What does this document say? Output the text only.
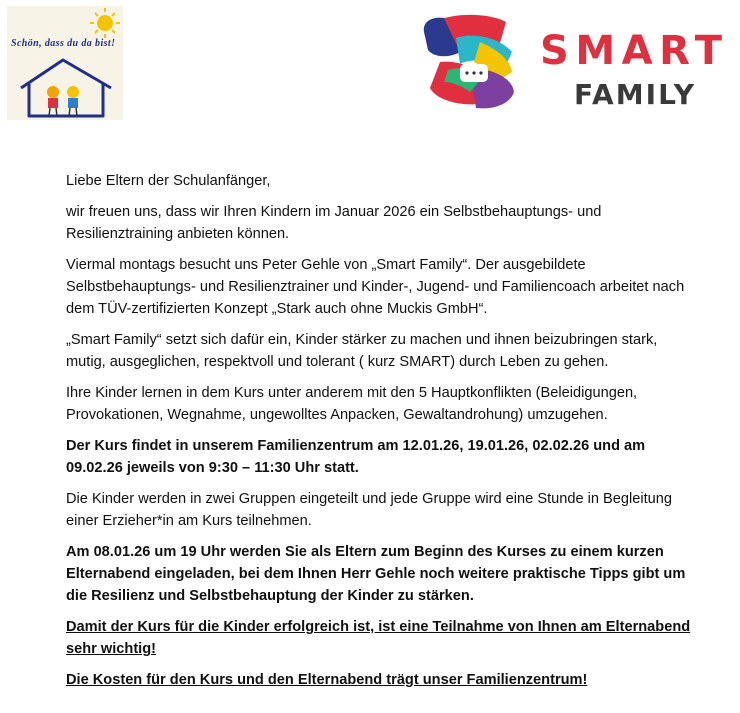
Schön, dass du da bist!	SMART
FAMILY

Liebe Eltern der Schulanfänger,

wir freuen uns, dass wir Ihren Kindern im Januar 2026 ein Selbstbehauptungs- und Resilienztraining anbieten können.

Viermal montags besucht uns Peter Gehle von „Smart Family“. Der ausgebildete Selbstbehauptungs- und Resilienztrainer und Kinder-, Jugend- und Familiencoach arbeitet nach dem TÜV-zertifizierten Konzept „Stark auch ohne Muckis GmbH“.

„Smart Family“ setzt sich dafür ein, Kinder stärker zu machen und ihnen beizubringen stark, mutig, ausgeglichen, respektvoll und tolerant ( kurz SMART) durch Leben zu gehen.

Ihre Kinder lernen in dem Kurs unter anderem mit den 5 Hauptkonflikten (Beleidigungen, Provokationen, Wegnahme, ungewolltes Anpacken, Gewaltandrohung) umzugehen.

Der Kurs findet in unserem Familienzentrum am 12.01.26, 19.01.26, 02.02.26 und am 09.02.26 jeweils von 9:30 – 11:30 Uhr statt.

Die Kinder werden in zwei Gruppen eingeteilt und jede Gruppe wird eine Stunde in Begleitung einer Erzieher*in am Kurs teilnehmen.

Am 08.01.26 um 19 Uhr werden Sie als Eltern zum Beginn des Kurses zu einem kurzen Elternabend eingeladen, bei dem Ihnen Herr Gehle noch weitere praktische Tipps gibt um die Resilienz und Selbstbehauptung der Kinder zu stärken.

Damit der Kurs für die Kinder erfolgreich ist, ist eine Teilnahme von Ihnen am Elternabend sehr wichtig!

Die Kosten für den Kurs und den Elternabend trägt unser Familienzentrum!
